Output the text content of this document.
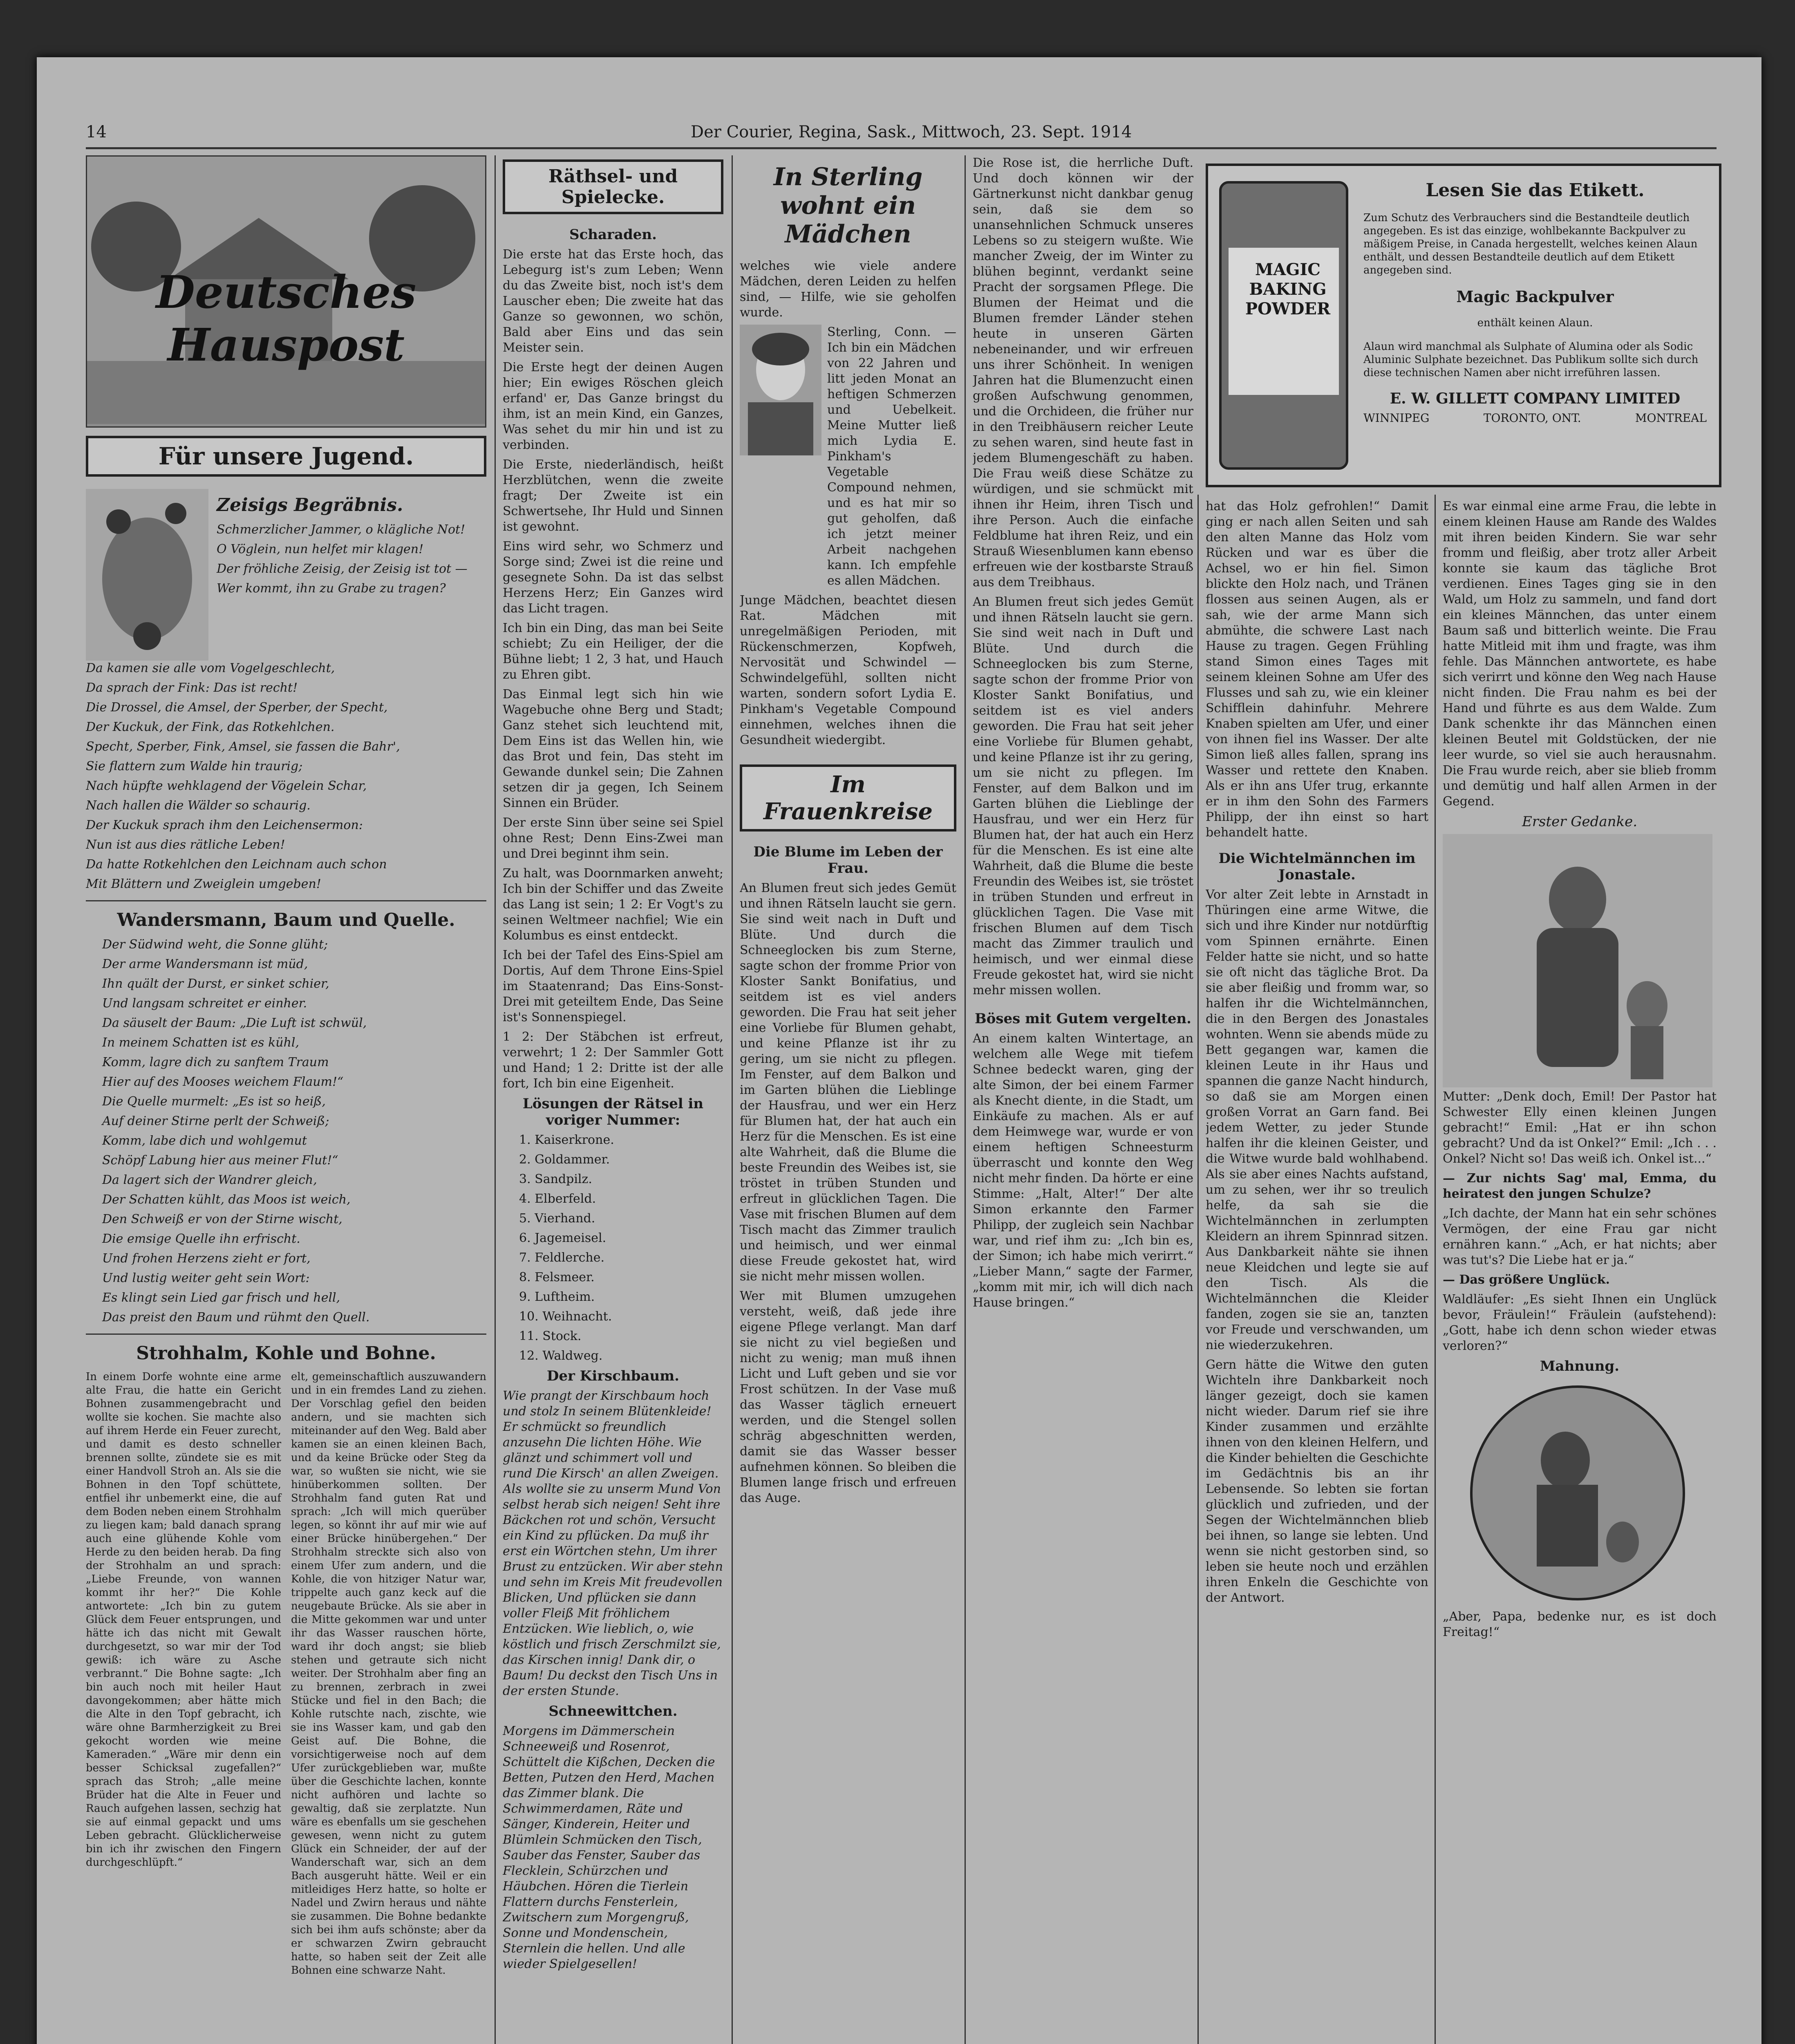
14	Der Courier, Regina, Sask., Mittwoch, 23. Sept. 1914
Deutsches Hauspost
Für unsere Jugend.
Zeisigs Begräbnis.

Schmerzlicher Jammer, o klägliche Not!

O Vöglein, nun helfet mir klagen!

Der fröhliche Zeisig, der Zeisig ist tot —

Wer kommt, ihn zu Grabe zu tragen?

Da kamen sie alle vom Vogelgeschlecht,

Da sprach der Fink: Das ist recht!

Die Drossel, die Amsel, der Sperber, der Specht,

Der Kuckuk, der Fink, das Rotkehlchen.

Specht, Sperber, Fink, Amsel, sie fassen die Bahr',

Sie flattern zum Walde hin traurig;

Nach hüpfte wehklagend der Vögelein Schar,

Nach hallen die Wälder so schaurig.

Der Kuckuk sprach ihm den Leichensermon:

Nun ist aus dies rätliche Leben!

Da hatte Rotkehlchen den Leichnam auch schon

Mit Blättern und Zweiglein umgeben!

Wandersmann, Baum und Quelle.

Der Südwind weht, die Sonne glüht;

Der arme Wandersmann ist müd,

Ihn quält der Durst, er sinket schier,

Und langsam schreitet er einher.

Da säuselt der Baum: „Die Luft ist schwül,

In meinem Schatten ist es kühl,

Komm, lagre dich zu sanftem Traum

Hier auf des Mooses weichem Flaum!“

Die Quelle murmelt: „Es ist so heiß,

Auf deiner Stirne perlt der Schweiß;

Komm, labe dich und wohlgemut

Schöpf Labung hier aus meiner Flut!“

Da lagert sich der Wandrer gleich,

Der Schatten kühlt, das Moos ist weich,

Den Schweiß er von der Stirne wischt,

Die emsige Quelle ihn erfrischt.

Und frohen Herzens zieht er fort,

Und lustig weiter geht sein Wort:

Es klingt sein Lied gar frisch und hell,

Das preist den Baum und rühmt den Quell.

Strohhalm, Kohle und Bohne.

In einem Dorfe wohnte eine arme alte Frau, die hatte ein Gericht Bohnen zusammengebracht und wollte sie kochen. Sie machte also auf ihrem Herde ein Feuer zurecht, und damit es desto schneller brennen sollte, zündete sie es mit einer Handvoll Stroh an. Als sie die Bohnen in den Topf schüttete, entfiel ihr unbemerkt eine, die auf dem Boden neben einem Strohhalm zu liegen kam; bald danach sprang auch eine glühende Kohle vom Herde zu den beiden herab. Da fing der Strohhalm an und sprach: „Liebe Freunde, von wannen kommt ihr her?“ Die Kohle antwortete: „Ich bin zu gutem Glück dem Feuer entsprungen, und hätte ich das nicht mit Gewalt durchgesetzt, so war mir der Tod gewiß: ich wäre zu Asche verbrannt.“ Die Bohne sagte: „Ich bin auch noch mit heiler Haut davongekommen; aber hätte mich die Alte in den Topf gebracht, ich wäre ohne Barmherzigkeit zu Brei gekocht worden wie meine Kameraden.“ „Wäre mir denn ein besser Schicksal zugefallen?“ sprach das Stroh; „alle meine Brüder hat die Alte in Feuer und Rauch aufgehen lassen, sechzig hat sie auf einmal gepackt und ums Leben gebracht. Glücklicherweise bin ich ihr zwischen den Fingern durchgeschlüpft.“

elt, gemeinschaftlich auszuwandern und in ein fremdes Land zu ziehen. Der Vorschlag gefiel den beiden andern, und sie machten sich miteinander auf den Weg. Bald aber kamen sie an einen kleinen Bach, und da keine Brücke oder Steg da war, so wußten sie nicht, wie sie hinüberkommen sollten. Der Strohhalm fand guten Rat und sprach: „Ich will mich querüber legen, so könnt ihr auf mir wie auf einer Brücke hinübergehen.“ Der Strohhalm streckte sich also von einem Ufer zum andern, und die Kohle, die von hitziger Natur war, trippelte auch ganz keck auf die neugebaute Brücke. Als sie aber in die Mitte gekommen war und unter ihr das Wasser rauschen hörte, ward ihr doch angst; sie blieb stehen und getraute sich nicht weiter. Der Strohhalm aber fing an zu brennen, zerbrach in zwei Stücke und fiel in den Bach; die Kohle rutschte nach, zischte, wie sie ins Wasser kam, und gab den Geist auf. Die Bohne, die vorsichtigerweise noch auf dem Ufer zurückgeblieben war, mußte über die Geschichte lachen, konnte nicht aufhören und lachte so gewaltig, daß sie zerplatzte. Nun wäre es ebenfalls um sie geschehen gewesen, wenn nicht zu gutem Glück ein Schneider, der auf der Wanderschaft war, sich an dem Bach ausgeruht hätte. Weil er ein mitleidiges Herz hatte, so holte er Nadel und Zwirn heraus und nähte sie zusammen. Die Bohne bedankte sich bei ihm aufs schönste; aber da er schwarzen Zwirn gebraucht hatte, so haben seit der Zeit alle Bohnen eine schwarze Naht.

Räthsel- und Spielecke.
Scharaden.

Die erste hat das Erste hoch, das Lebegurg ist's zum Leben; Wenn du das Zweite bist, noch ist's dem Lauscher eben; Die zweite hat das Ganze so gewonnen, wo schön, Bald aber Eins und das sein Meister sein.

Die Erste hegt der deinen Augen hier; Ein ewiges Röschen gleich erfand' er, Das Ganze bringst du ihm, ist an mein Kind, ein Ganzes, Was sehet du mir hin und ist zu verbinden.

Die Erste, niederländisch, heißt Herzblütchen, wenn die zweite fragt; Der Zweite ist ein Schwertsehe, Ihr Huld und Sinnen ist gewohnt.

Eins wird sehr, wo Schmerz und Sorge sind; Zwei ist die reine und gesegnete Sohn. Da ist das selbst Herzens Herz; Ein Ganzes wird das Licht tragen.

Ich bin ein Ding, das man bei Seite schiebt; Zu ein Heiliger, der die Bühne liebt; 1 2, 3 hat, und Hauch zu Ehren gibt.

Das Einmal legt sich hin wie Wagebuche ohne Berg und Stadt; Ganz stehet sich leuchtend mit, Dem Eins ist das Wellen hin, wie das Brot und fein, Das steht im Gewande dunkel sein; Die Zahnen setzen dir ja gegen, Ich Seinem Sinnen ein Brüder.

Der erste Sinn über seine sei Spiel ohne Rest; Denn Eins-Zwei man und Drei beginnt ihm sein.

Zu halt, was Doornmarken anweht; Ich bin der Schiffer und das Zweite das Lang ist sein; 1 2: Er Vogt's zu seinen Weltmeer nachfiel; Wie ein Kolumbus es einst entdeckt.

Ich bei der Tafel des Eins-Spiel am Dortis, Auf dem Throne Eins-Spiel im Staatenrand; Das Eins-Sonst-Drei mit geteiltem Ende, Das Seine ist's Sonnenspiegel.

1 2: Der Stäbchen ist erfreut, verwehrt; 1 2: Der Sammler Gott und Hand; 1 2: Dritte ist der alle fort, Ich bin eine Eigenheit.

Lösungen der Rätsel in voriger Nummer:

1. Kaiserkrone.

2. Goldammer.

3. Sandpilz.

4. Elberfeld.

5. Vierhand.

6. Jagemeisel.

7. Feldlerche.

8. Felsmeer.

9. Luftheim.

10. Weihnacht.

11. Stock.

12. Waldweg.

Der Kirschbaum.

Wie prangt der Kirschbaum hoch und stolz In seinem Blütenkleide! Er schmückt so freundlich anzusehn Die lichten Höhe. Wie glänzt und schimmert voll und rund Die Kirsch' an allen Zweigen. Als wollte sie zu unserm Mund Von selbst herab sich neigen! Seht ihre Bäckchen rot und schön, Versucht ein Kind zu pflücken. Da muß ihr erst ein Wörtchen stehn, Um ihrer Brust zu entzücken. Wir aber stehn und sehn im Kreis Mit freudevollen Blicken, Und pflücken sie dann voller Fleiß Mit fröhlichem Entzücken. Wie lieblich, o, wie köstlich und frisch Zerschmilzt sie, das Kirschen innig! Dank dir, o Baum! Du deckst den Tisch Uns in der ersten Stunde.

Schneewittchen.

Morgens im Dämmerschein Schneeweiß und Rosenrot, Schüttelt die Kißchen, Decken die Betten, Putzen den Herd, Machen das Zimmer blank. Die Schwimmerdamen, Räte und Sänger, Kinderein, Heiter und Blümlein Schmücken den Tisch, Sauber das Fenster, Sauber das Flecklein, Schürzchen und Häubchen. Hören die Tierlein Flattern durchs Fensterlein, Zwitschern zum Morgengruß, Sonne und Mondenschein, Sternlein die hellen. Und alle wieder Spielgesellen!

In Sterling wohnt ein Mädchen

welches wie viele andere Mädchen, deren Leiden zu helfen sind, — Hilfe, wie sie geholfen wurde.

Sterling, Conn. — Ich bin ein Mädchen von 22 Jahren und litt jeden Monat an heftigen Schmerzen und Uebelkeit. Meine Mutter ließ mich Lydia E. Pinkham's Vegetable Compound nehmen, und es hat mir so gut geholfen, daß ich jetzt meiner Arbeit nachgehen kann. Ich empfehle es allen Mädchen.

Junge Mädchen, beachtet diesen Rat. Mädchen mit unregelmäßigen Perioden, mit Rückenschmerzen, Kopfweh, Nervosität und Schwindel — Schwindelgefühl, sollten nicht warten, sondern sofort Lydia E. Pinkham's Vegetable Compound einnehmen, welches ihnen die Gesundheit wiedergibt.

Im Frauenkreise
Die Blume im Leben der Frau.

An Blumen freut sich jedes Gemüt und ihnen Rätseln laucht sie gern. Sie sind weit nach in Duft und Blüte. Und durch die Schneeglocken bis zum Sterne, sagte schon der fromme Prior von Kloster Sankt Bonifatius, und seitdem ist es viel anders geworden. Die Frau hat seit jeher eine Vorliebe für Blumen gehabt, und keine Pflanze ist ihr zu gering, um sie nicht zu pflegen. Im Fenster, auf dem Balkon und im Garten blühen die Lieblinge der Hausfrau, und wer ein Herz für Blumen hat, der hat auch ein Herz für die Menschen. Es ist eine alte Wahrheit, daß die Blume die beste Freundin des Weibes ist, sie tröstet in trüben Stunden und erfreut in glücklichen Tagen. Die Vase mit frischen Blumen auf dem Tisch macht das Zimmer traulich und heimisch, und wer einmal diese Freude gekostet hat, wird sie nicht mehr missen wollen.

Wer mit Blumen umzugehen versteht, weiß, daß jede ihre eigene Pflege verlangt. Man darf sie nicht zu viel begießen und nicht zu wenig; man muß ihnen Licht und Luft geben und sie vor Frost schützen. In der Vase muß das Wasser täglich erneuert werden, und die Stengel sollen schräg abgeschnitten werden, damit sie das Wasser besser aufnehmen können. So bleiben die Blumen lange frisch und erfreuen das Auge.

Die Rose ist, die herrliche Duft. Und doch können wir der Gärtnerkunst nicht dankbar genug sein, daß sie dem so unansehnlichen Schmuck unseres Lebens so zu steigern wußte. Wie mancher Zweig, der im Winter zu blühen beginnt, verdankt seine Pracht der sorgsamen Pflege. Die Blumen der Heimat und die Blumen fremder Länder stehen heute in unseren Gärten nebeneinander, und wir erfreuen uns ihrer Schönheit. In wenigen Jahren hat die Blumenzucht einen großen Aufschwung genommen, und die Orchideen, die früher nur in den Treibhäusern reicher Leute zu sehen waren, sind heute fast in jedem Blumengeschäft zu haben. Die Frau weiß diese Schätze zu würdigen, und sie schmückt mit ihnen ihr Heim, ihren Tisch und ihre Person. Auch die einfache Feldblume hat ihren Reiz, und ein Strauß Wiesenblumen kann ebenso erfreuen wie der kostbarste Strauß aus dem Treibhaus.

An Blumen freut sich jedes Gemüt und ihnen Rätseln laucht sie gern. Sie sind weit nach in Duft und Blüte. Und durch die Schneeglocken bis zum Sterne, sagte schon der fromme Prior von Kloster Sankt Bonifatius, und seitdem ist es viel anders geworden. Die Frau hat seit jeher eine Vorliebe für Blumen gehabt, und keine Pflanze ist ihr zu gering, um sie nicht zu pflegen. Im Fenster, auf dem Balkon und im Garten blühen die Lieblinge der Hausfrau, und wer ein Herz für Blumen hat, der hat auch ein Herz für die Menschen. Es ist eine alte Wahrheit, daß die Blume die beste Freundin des Weibes ist, sie tröstet in trüben Stunden und erfreut in glücklichen Tagen. Die Vase mit frischen Blumen auf dem Tisch macht das Zimmer traulich und heimisch, und wer einmal diese Freude gekostet hat, wird sie nicht mehr missen wollen.

Böses mit Gutem vergelten.

An einem kalten Wintertage, an welchem alle Wege mit tiefem Schnee bedeckt waren, ging der alte Simon, der bei einem Farmer als Knecht diente, in die Stadt, um Einkäufe zu machen. Als er auf dem Heimwege war, wurde er von einem heftigen Schneesturm überrascht und konnte den Weg nicht mehr finden. Da hörte er eine Stimme: „Halt, Alter!“ Der alte Simon erkannte den Farmer Philipp, der zugleich sein Nachbar war, und rief ihm zu: „Ich bin es, der Simon; ich habe mich verirrt.“ „Lieber Mann,“ sagte der Farmer, „komm mit mir, ich will dich nach Hause bringen.“

MAGIC BAKING POWDER
Lesen Sie das Etikett.

Zum Schutz des Verbrauchers sind die Bestandteile deutlich angegeben. Es ist das einzige, wohlbekannte Backpulver zu mäßigem Preise, in Canada hergestellt, welches keinen Alaun enthält, und dessen Bestandteile deutlich auf dem Etikett angegeben sind.

Magic Backpulver

enthält keinen Alaun.

Alaun wird manchmal als Sulphate of Alumina oder als Sodic Aluminic Sulphate bezeichnet. Das Publikum sollte sich durch diese technischen Namen aber nicht irreführen lassen.

E. W. GILLETT COMPANY LIMITED
WINNIPEG	TORONTO, ONT.	MONTREAL

hat das Holz gefrohlen!“ Damit ging er nach allen Seiten und sah den alten Manne das Holz vom Rücken und war es über die Achsel, wo er hin fiel. Simon blickte den Holz nach, und Tränen flossen aus seinen Augen, als er sah, wie der arme Mann sich abmühte, die schwere Last nach Hause zu tragen. Gegen Frühling stand Simon eines Tages mit seinem kleinen Sohne am Ufer des Flusses und sah zu, wie ein kleiner Schifflein dahinfuhr. Mehrere Knaben spielten am Ufer, und einer von ihnen fiel ins Wasser. Der alte Simon ließ alles fallen, sprang ins Wasser und rettete den Knaben. Als er ihn ans Ufer trug, erkannte er in ihm den Sohn des Farmers Philipp, der ihn einst so hart behandelt hatte.

Die Wichtelmännchen im Jonastale.

Vor alter Zeit lebte in Arnstadt in Thüringen eine arme Witwe, die sich und ihre Kinder nur notdürftig vom Spinnen ernährte. Einen Felder hatte sie nicht, und so hatte sie oft nicht das tägliche Brot. Da sie aber fleißig und fromm war, so halfen ihr die Wichtelmännchen, die in den Bergen des Jonastales wohnten. Wenn sie abends müde zu Bett gegangen war, kamen die kleinen Leute in ihr Haus und spannen die ganze Nacht hindurch, so daß sie am Morgen einen großen Vorrat an Garn fand. Bei jedem Wetter, zu jeder Stunde halfen ihr die kleinen Geister, und die Witwe wurde bald wohlhabend. Als sie aber eines Nachts aufstand, um zu sehen, wer ihr so treulich helfe, da sah sie die Wichtelmännchen in zerlumpten Kleidern an ihrem Spinnrad sitzen. Aus Dankbarkeit nähte sie ihnen neue Kleidchen und legte sie auf den Tisch. Als die Wichtelmännchen die Kleider fanden, zogen sie sie an, tanzten vor Freude und verschwanden, um nie wiederzukehren.

Gern hätte die Witwe den guten Wichteln ihre Dankbarkeit noch länger gezeigt, doch sie kamen nicht wieder. Darum rief sie ihre Kinder zusammen und erzählte ihnen von den kleinen Helfern, und die Kinder behielten die Geschichte im Gedächtnis bis an ihr Lebensende. So lebten sie fortan glücklich und zufrieden, und der Segen der Wichtelmännchen blieb bei ihnen, so lange sie lebten. Und wenn sie nicht gestorben sind, so leben sie heute noch und erzählen ihren Enkeln die Geschichte von der Antwort.

Es war einmal eine arme Frau, die lebte in einem kleinen Hause am Rande des Waldes mit ihren beiden Kindern. Sie war sehr fromm und fleißig, aber trotz aller Arbeit konnte sie kaum das tägliche Brot verdienen. Eines Tages ging sie in den Wald, um Holz zu sammeln, und fand dort ein kleines Männchen, das unter einem Baum saß und bitterlich weinte. Die Frau hatte Mitleid mit ihm und fragte, was ihm fehle. Das Männchen antwortete, es habe sich verirrt und könne den Weg nach Hause nicht finden. Die Frau nahm es bei der Hand und führte es aus dem Walde. Zum Dank schenkte ihr das Männchen einen kleinen Beutel mit Goldstücken, der nie leer wurde, so viel sie auch herausnahm. Die Frau wurde reich, aber sie blieb fromm und demütig und half allen Armen in der Gegend.

Erster Gedanke.

Mutter: „Denk doch, Emil! Der Pastor hat Schwester Elly einen kleinen Jungen gebracht!“ Emil: „Hat er ihn schon gebracht? Und da ist Onkel?“ Emil: „Ich . . . Onkel? Nicht so! Das weiß ich. Onkel ist...“

— Zur nichts Sag' mal, Emma, du heiratest den jungen Schulze?

„Ich dachte, der Mann hat ein sehr schönes Vermögen, der eine Frau gar nicht ernähren kann.“ „Ach, er hat nichts; aber was tut's? Die Liebe hat er ja.“

— Das größere Unglück.

Waldläufer: „Es sieht Ihnen ein Unglück bevor, Fräulein!“ Fräulein (aufstehend): „Gott, habe ich denn schon wieder etwas verloren?“

Mahnung.

„Aber, Papa, bedenke nur, es ist doch Freitag!“
